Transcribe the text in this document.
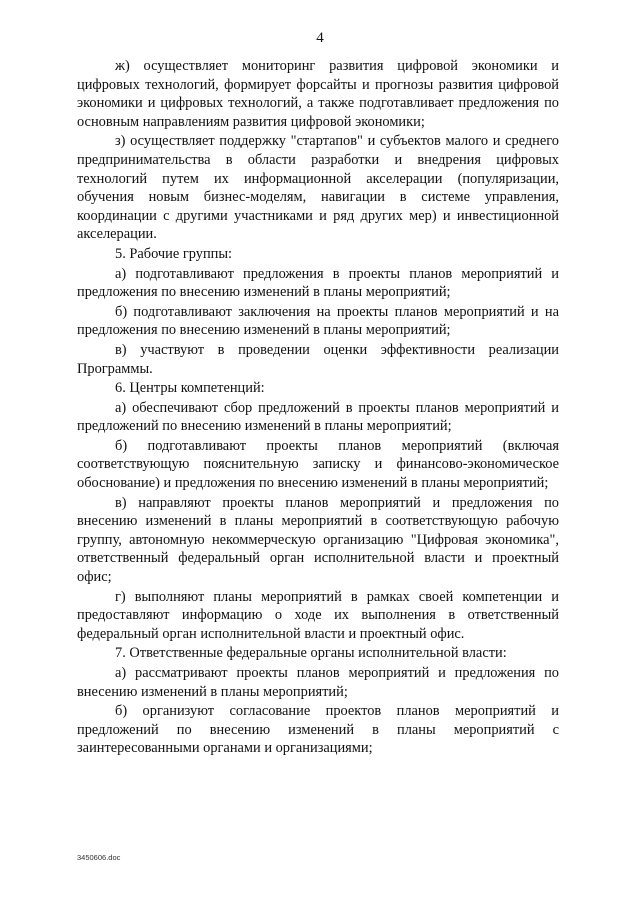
4

ж) осуществляет мониторинг развития цифровой экономики и цифровых технологий, формирует форсайты и прогнозы развития цифровой экономики и цифровых технологий, а также подготавливает предложения по основным направлениям развития цифровой экономики;

з) осуществляет поддержку "стартапов" и субъектов малого и среднего предпринимательства в области разработки и внедрения цифровых технологий путем их информационной акселерации (популяризации, обучения новым бизнес-моделям, навигации в системе управления, координации с другими участниками и ряд других мер) и инвестиционной акселерации.

5. Рабочие группы:

а) подготавливают предложения в проекты планов мероприятий и предложения по внесению изменений в планы мероприятий;

б) подготавливают заключения на проекты планов мероприятий и на предложения по внесению изменений в планы мероприятий;

в) участвуют в проведении оценки эффективности реализации Программы.

6. Центры компетенций:

а) обеспечивают сбор предложений в проекты планов мероприятий и предложений по внесению изменений в планы мероприятий;

б) подготавливают проекты планов мероприятий (включая соответствующую пояснительную записку и финансово-экономическое обоснование) и предложения по внесению изменений в планы мероприятий;

в) направляют проекты планов мероприятий и предложения по внесению изменений в планы мероприятий в соответствующую рабочую группу, автономную некоммерческую организацию "Цифровая экономика", ответственный федеральный орган исполнительной власти и проектный офис;

г) выполняют планы мероприятий в рамках своей компетенции и предоставляют информацию о ходе их выполнения в ответственный федеральный орган исполнительной власти и проектный офис.

7. Ответственные федеральные органы исполнительной власти:

а) рассматривают проекты планов мероприятий и предложения по внесению изменений в планы мероприятий;

б) организуют согласование проектов планов мероприятий и предложений по внесению изменений в планы мероприятий с заинтересованными органами и организациями;

3450606.doc
